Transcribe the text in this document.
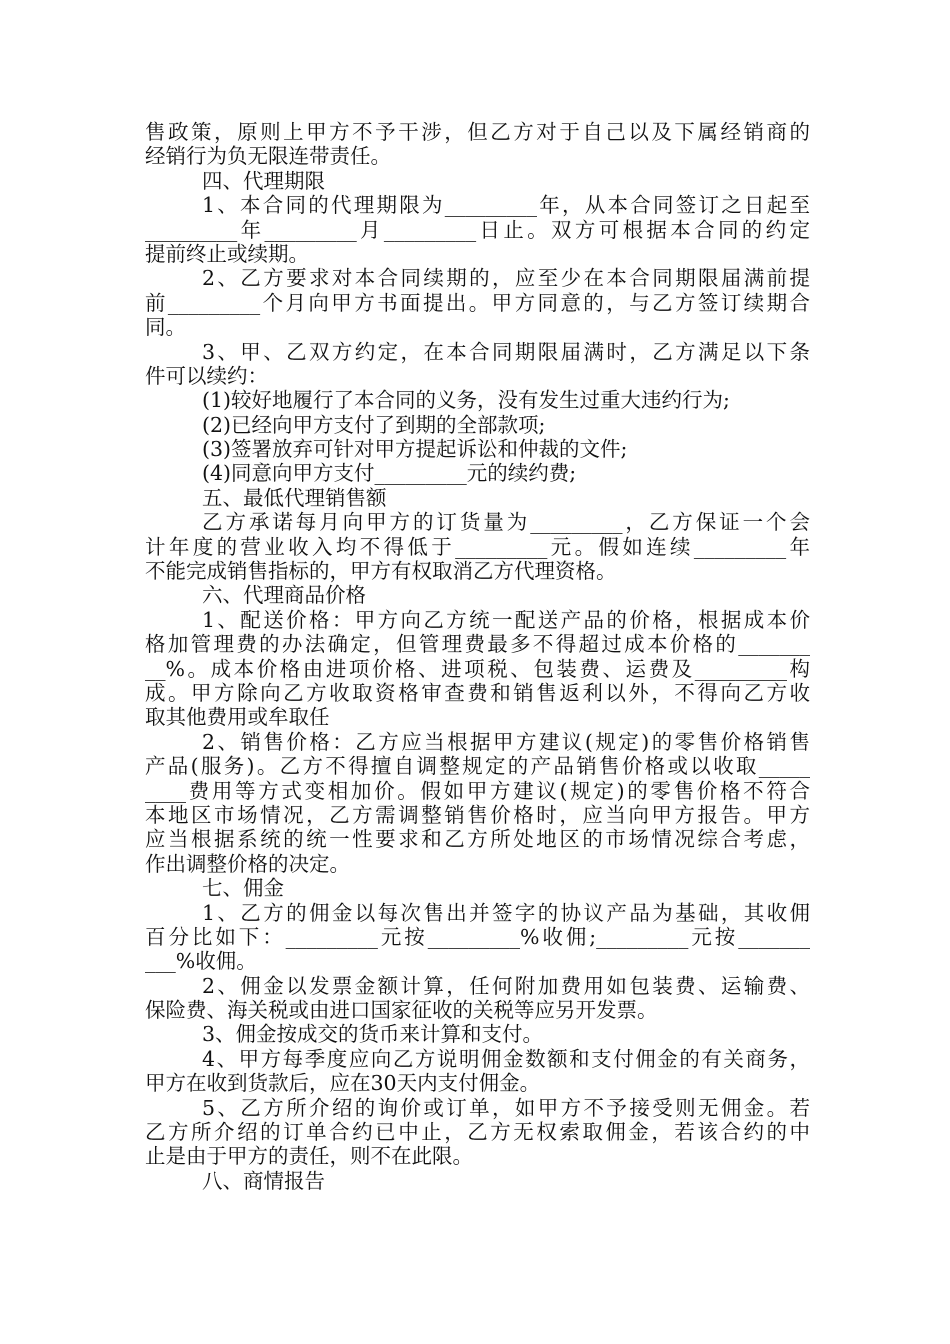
售政策，原则上甲方不予干涉，但乙方对于自己以及下属经销商的
经销行为负无限连带责任。
四、代理期限
1、本合同的代理期限为_________年，从本合同签订之日起至
_________年_________月_________日止。双方可根据本合同的约定
提前终止或续期。
2、乙方要求对本合同续期的，应至少在本合同期限届满前提
前_________个月向甲方书面提出。甲方同意的，与乙方签订续期合
同。
3、甲、乙双方约定，在本合同期限届满时，乙方满足以下条
件可以续约：
(1)较好地履行了本合同的义务，没有发生过重大违约行为;
(2)已经向甲方支付了到期的全部款项;
(3)签署放弃可针对甲方提起诉讼和仲裁的文件;
(4)同意向甲方支付_________元的续约费;
五、最低代理销售额
乙方承诺每月向甲方的订货量为_________，乙方保证一个会
计年度的营业收入均不得低于_________元。假如连续_________年
不能完成销售指标的，甲方有权取消乙方代理资格。
六、代理商品价格
1、配送价格：甲方向乙方统一配送产品的价格，根据成本价
格加管理费的办法确定，但管理费最多不得超过成本价格的_______
__%。成本价格由进项价格、进项税、包装费、运费及_________构
成。甲方除向乙方收取资格审查费和销售返利以外，不得向乙方收
取其他费用或牟取任
2、销售价格：乙方应当根据甲方建议(规定)的零售价格销售
产品(服务)。乙方不得擅自调整规定的产品销售价格或以收取_____
____费用等方式变相加价。假如甲方建议(规定)的零售价格不符合
本地区市场情况，乙方需调整销售价格时，应当向甲方报告。甲方
应当根据系统的统一性要求和乙方所处地区的市场情况综合考虑，
作出调整价格的决定。
七、佣金
1、乙方的佣金以每次售出并签字的协议产品为基础，其收佣
百分比如下：_________元按_________%收佣;_________元按_______
___%收佣。
2、佣金以发票金额计算，任何附加费用如包装费、运输费、
保险费、海关税或由进口国家征收的关税等应另开发票。
3、佣金按成交的货币来计算和支付。
4、甲方每季度应向乙方说明佣金数额和支付佣金的有关商务，
甲方在收到货款后，应在30天内支付佣金。
5、乙方所介绍的询价或订单，如甲方不予接受则无佣金。若
乙方所介绍的订单合约已中止，乙方无权索取佣金，若该合约的中
止是由于甲方的责任，则不在此限。
八、商情报告
